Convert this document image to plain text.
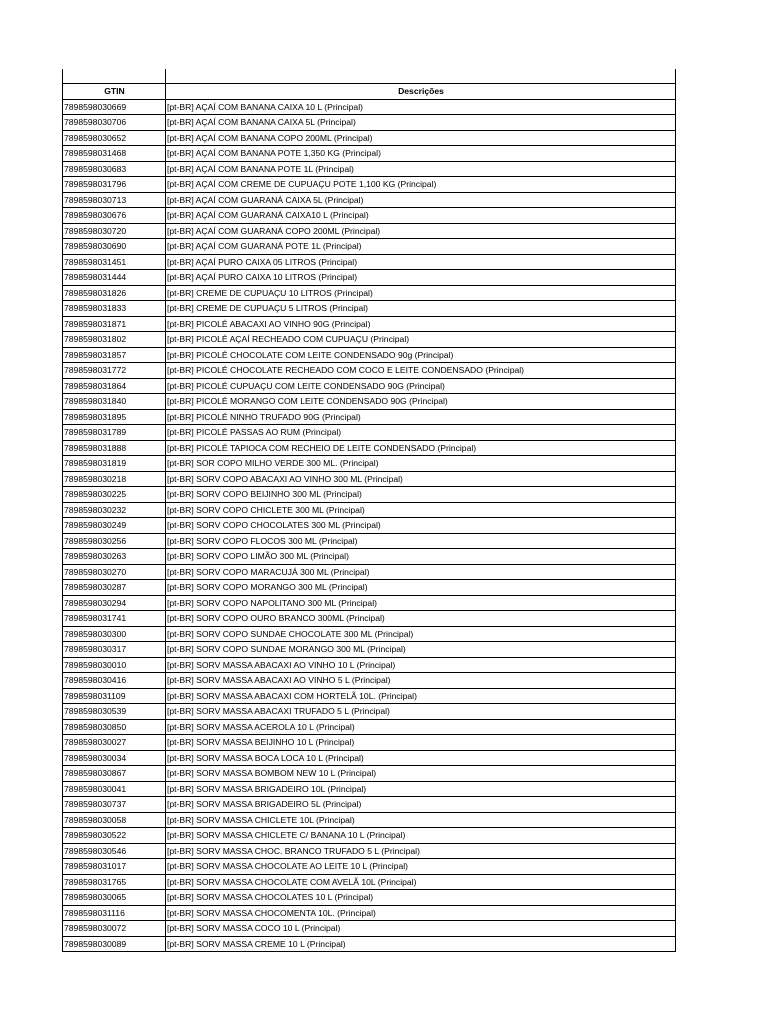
GTIN	Descrições
7898598030669	[pt-BR] AÇAÍ COM BANANA CAIXA 10 L (Principal)
7898598030706	[pt-BR] AÇAÍ COM BANANA CAIXA 5L (Principal)
7898598030652	[pt-BR] AÇAÍ COM BANANA COPO 200ML (Principal)
7898598031468	[pt-BR] AÇAÍ COM BANANA POTE 1,350 KG (Principal)
7898598030683	[pt-BR] AÇAÍ COM BANANA POTE 1L (Principal)
7898598031796	[pt-BR] AÇAÍ COM CREME DE CUPUAÇU POTE 1,100 KG (Principal)
7898598030713	[pt-BR] AÇAÍ COM GUARANÁ CAIXA 5L (Principal)
7898598030676	[pt-BR] AÇAÍ COM GUARANÁ CAIXA10 L (Principal)
7898598030720	[pt-BR] AÇAÍ COM GUARANÁ COPO 200ML (Principal)
7898598030690	[pt-BR] AÇAÍ COM GUARANÁ POTE 1L (Principal)
7898598031451	[pt-BR] AÇAÍ PURO CAIXA 05 LITROS (Principal)
7898598031444	[pt-BR] AÇAÍ PURO CAIXA 10 LITROS (Principal)
7898598031826	[pt-BR] CREME DE CUPUAÇU 10 LITROS (Principal)
7898598031833	[pt-BR] CREME DE CUPUAÇU 5 LITROS (Principal)
7898598031871	[pt-BR] PICOLÉ ABACAXI AO VINHO 90G (Principal)
7898598031802	[pt-BR] PICOLÉ AÇAÍ RECHEADO COM CUPUAÇU (Principal)
7898598031857	[pt-BR] PICOLÉ CHOCOLATE COM LEITE CONDENSADO 90g (Principal)
7898598031772	[pt-BR] PICOLÉ CHOCOLATE RECHEADO COM COCO E LEITE CONDENSADO (Principal)
7898598031864	[pt-BR] PICOLÉ CUPUAÇU COM LEITE CONDENSADO 90G (Principal)
7898598031840	[pt-BR] PICOLÉ MORANGO COM LEITE CONDENSADO 90G (Principal)
7898598031895	[pt-BR] PICOLÉ NINHO TRUFADO 90G (Principal)
7898598031789	[pt-BR] PICOLÉ PASSAS AO RUM (Principal)
7898598031888	[pt-BR] PICOLÉ TAPIOCA COM RECHEIO DE LEITE CONDENSADO (Principal)
7898598031819	[pt-BR] SOR COPO MILHO VERDE 300 ML. (Principal)
7898598030218	[pt-BR] SORV COPO ABACAXI AO VINHO 300 ML (Principal)
7898598030225	[pt-BR] SORV COPO BEIJINHO 300 ML (Principal)
7898598030232	[pt-BR] SORV COPO CHICLETE 300 ML (Principal)
7898598030249	[pt-BR] SORV COPO CHOCOLATES 300 ML (Principal)
7898598030256	[pt-BR] SORV COPO FLOCOS 300 ML (Principal)
7898598030263	[pt-BR] SORV COPO LIMÃO 300 ML (Principal)
7898598030270	[pt-BR] SORV COPO MARACUJÁ 300 ML (Principal)
7898598030287	[pt-BR] SORV COPO MORANGO 300 ML (Principal)
7898598030294	[pt-BR] SORV COPO NAPOLITANO 300 ML (Principal)
7898598031741	[pt-BR] SORV COPO OURO BRANCO 300ML (Principal)
7898598030300	[pt-BR] SORV COPO SUNDAE CHOCOLATE 300 ML (Principal)
7898598030317	[pt-BR] SORV COPO SUNDAE MORANGO 300 ML (Principal)
7898598030010	[pt-BR] SORV MASSA ABACAXI AO VINHO 10 L (Principal)
7898598030416	[pt-BR] SORV MASSA ABACAXI AO VINHO 5 L (Principal)
7898598031109	[pt-BR] SORV MASSA ABACAXI COM HORTELÃ 10L. (Principal)
7898598030539	[pt-BR] SORV MASSA ABACAXI TRUFADO 5 L (Principal)
7898598030850	[pt-BR] SORV MASSA ACEROLA 10 L (Principal)
7898598030027	[pt-BR] SORV MASSA BEIJINHO 10 L (Principal)
7898598030034	[pt-BR] SORV MASSA BOCA LOCA 10 L (Principal)
7898598030867	[pt-BR] SORV MASSA BOMBOM NEW 10 L (Principal)
7898598030041	[pt-BR] SORV MASSA BRIGADEIRO 10L (Principal)
7898598030737	[pt-BR] SORV MASSA BRIGADEIRO 5L (Principal)
7898598030058	[pt-BR] SORV MASSA CHICLETE 10L (Principal)
7898598030522	[pt-BR] SORV MASSA CHICLETE C/ BANANA 10 L (Principal)
7898598030546	[pt-BR] SORV MASSA CHOC. BRANCO TRUFADO 5 L (Principal)
7898598031017	[pt-BR] SORV MASSA CHOCOLATE AO LEITE 10 L (Principal)
7898598031765	[pt-BR] SORV MASSA CHOCOLATE COM AVELÃ 10L (Principal)
7898598030065	[pt-BR] SORV MASSA CHOCOLATES 10 L (Principal)
7898598031116	[pt-BR] SORV MASSA CHOCOMENTA 10L. (Principal)
7898598030072	[pt-BR] SORV MASSA COCO 10 L (Principal)
7898598030089	[pt-BR] SORV MASSA CREME 10 L (Principal)
